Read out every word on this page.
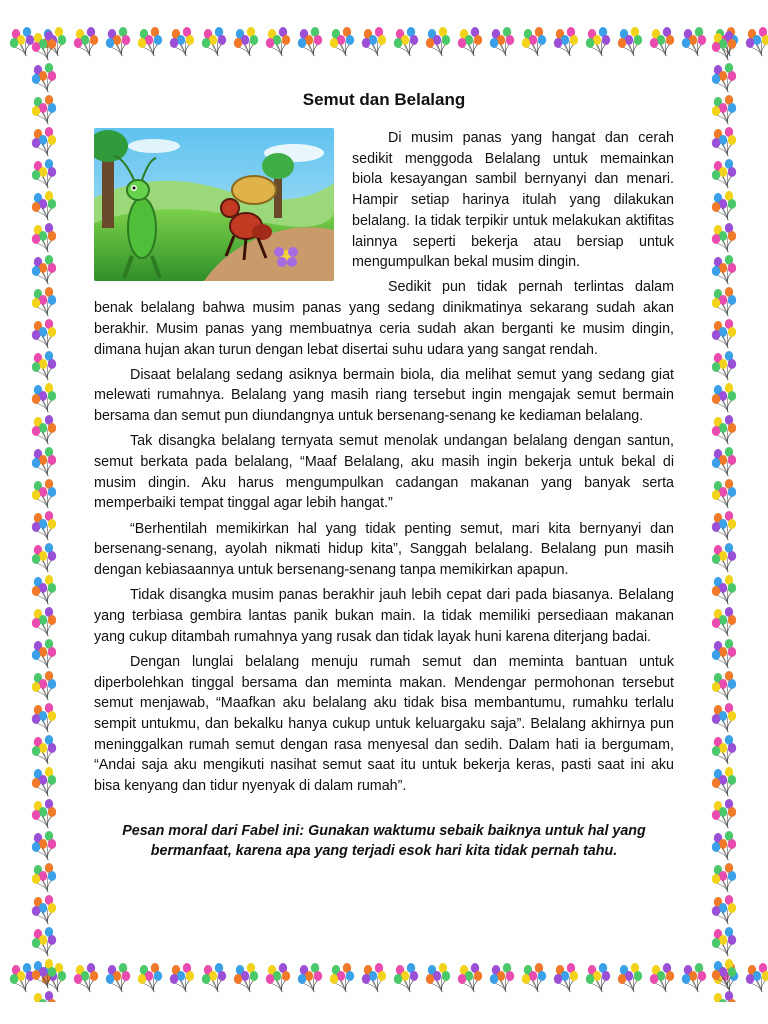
Semut dan Belalang

Di musim panas yang hangat dan cerah sedikit menggoda Belalang untuk memainkan biola kesayangan sambil bernyanyi dan menari. Hampir setiap harinya itulah yang dilakukan belalang. Ia tidak terpikir untuk melakukan aktifitas lainnya seperti bekerja atau bersiap untuk mengumpulkan bekal musim dingin.

Sedikit pun tidak pernah terlintas dalam benak belalang bahwa musim panas yang sedang dinikmatinya sekarang sudah akan berakhir. Musim panas yang membuatnya ceria sudah akan berganti ke musim dingin, dimana hujan akan turun dengan lebat disertai suhu udara yang sangat rendah.

Disaat belalang sedang asiknya bermain biola, dia melihat semut yang sedang giat melewati rumahnya. Belalang yang masih riang tersebut ingin mengajak semut bermain bersama dan semut pun diundangnya untuk bersenang-senang ke kediaman belalang.

Tak disangka belalang ternyata semut menolak undangan belalang dengan santun, semut berkata pada belalang, “Maaf Belalang, aku masih ingin bekerja untuk bekal di musim dingin. Aku harus mengumpulkan cadangan makanan yang banyak serta memperbaiki tempat tinggal agar lebih hangat.”

“Berhentilah memikirkan hal yang tidak penting semut, mari kita bernyanyi dan bersenang-senang, ayolah nikmati hidup kita”, Sanggah belalang. Belalang pun masih dengan kebiasaannya untuk bersenang-senang tanpa memikirkan apapun.

Tidak disangka musim panas berakhir jauh lebih cepat dari pada biasanya. Belalang yang terbiasa gembira lantas panik bukan main. Ia tidak memiliki persediaan makanan yang cukup ditambah rumahnya yang rusak dan tidak layak huni karena diterjang badai.

Dengan lunglai belalang menuju rumah semut dan meminta bantuan untuk diperbolehkan tinggal bersama dan meminta makan. Mendengar permohonan tersebut semut menjawab, “Maafkan aku belalang aku tidak bisa membantumu, rumahku terlalu sempit untukmu, dan bekalku hanya cukup untuk keluargaku saja”. Belalang akhirnya pun meninggalkan rumah semut dengan rasa menyesal dan sedih. Dalam hati ia bergumam, “Andai saja aku mengikuti nasihat semut saat itu untuk bekerja keras, pasti saat ini aku bisa kenyang dan tidur nyenyak di dalam rumah”.

Pesan moral dari Fabel ini: Gunakan waktumu sebaik baiknya untuk hal yang bermanfaat, karena apa yang terjadi esok hari kita tidak pernah tahu.
